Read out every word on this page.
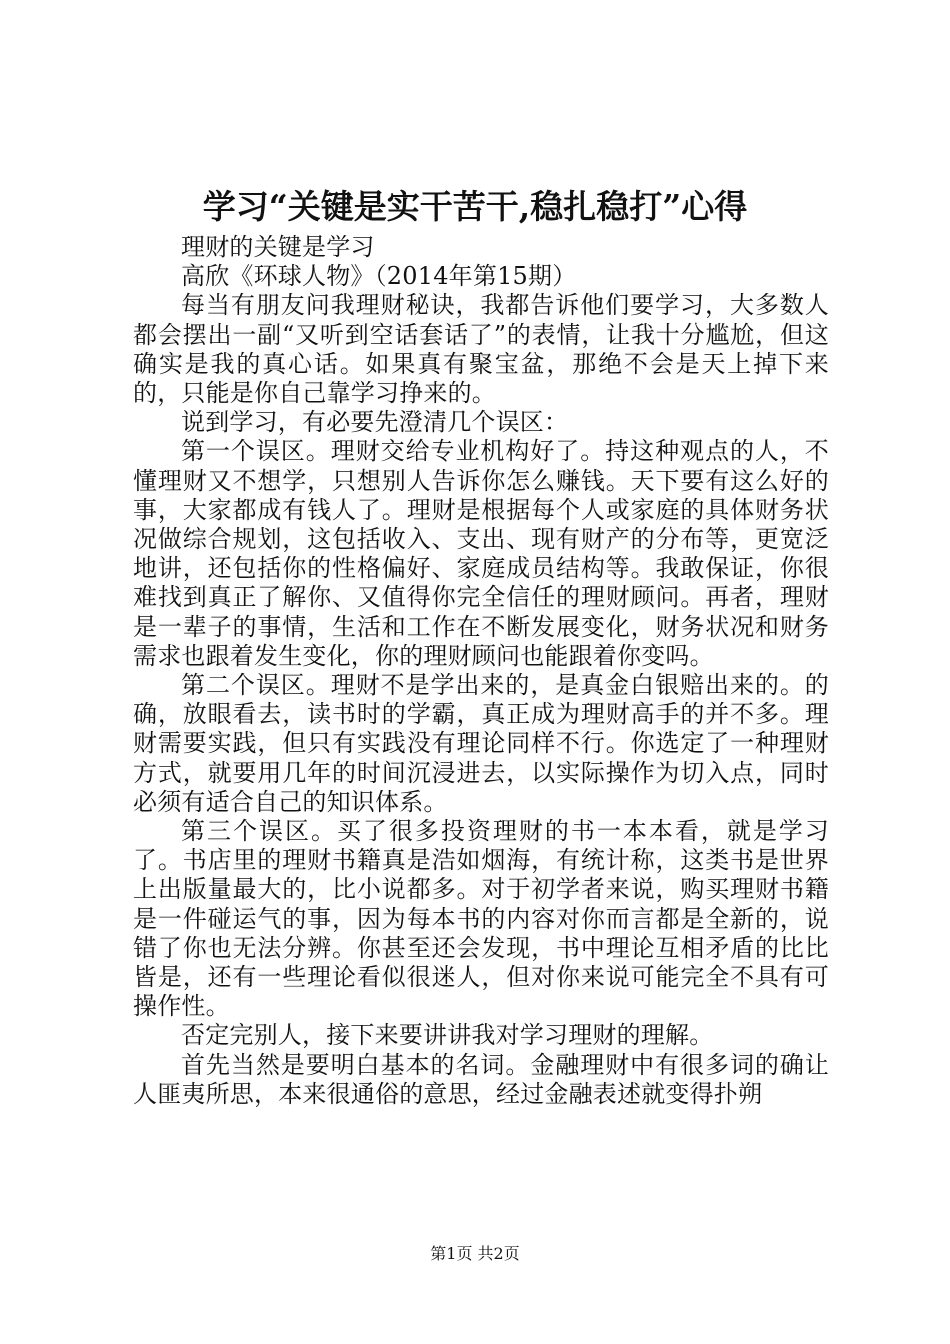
学习“关键是实干苦干,稳扎稳打”心得

理财的关键是学习

高欣《环球人物》（2014年第15期）

每当有朋友问我理财秘诀，我都告诉他们要学习，大多数人都会摆出一副“又听到空话套话了”的表情，让我十分尴尬，但这确实是我的真心话。如果真有聚宝盆，那绝不会是天上掉下来的，只能是你自己靠学习挣来的。

说到学习，有必要先澄清几个误区：

第一个误区。理财交给专业机构好了。持这种观点的人，不懂理财又不想学，只想别人告诉你怎么赚钱。天下要有这么好的事，大家都成有钱人了。理财是根据每个人或家庭的具体财务状况做综合规划，这包括收入、支出、现有财产的分布等，更宽泛地讲，还包括你的性格偏好、家庭成员结构等。我敢保证，你很难找到真正了解你、又值得你完全信任的理财顾问。再者，理财是一辈子的事情，生活和工作在不断发展变化，财务状况和财务需求也跟着发生变化，你的理财顾问也能跟着你变吗。

第二个误区。理财不是学出来的，是真金白银赔出来的。的确，放眼看去，读书时的学霸，真正成为理财高手的并不多。理财需要实践，但只有实践没有理论同样不行。你选定了一种理财方式，就要用几年的时间沉浸进去，以实际操作为切入点，同时必须有适合自己的知识体系。

第三个误区。买了很多投资理财的书一本本看，就是学习了。书店里的理财书籍真是浩如烟海，有统计称，这类书是世界上出版量最大的，比小说都多。对于初学者来说，购买理财书籍是一件碰运气的事，因为每本书的内容对你而言都是全新的，说错了你也无法分辨。你甚至还会发现，书中理论互相矛盾的比比皆是，还有一些理论看似很迷人，但对你来说可能完全不具有可操作性。

否定完别人，接下来要讲讲我对学习理财的理解。

首先当然是要明白基本的名词。金融理财中有很多词的确让人匪夷所思，本来很通俗的意思，经过金融表述就变得扑朔

第1页 共2页
